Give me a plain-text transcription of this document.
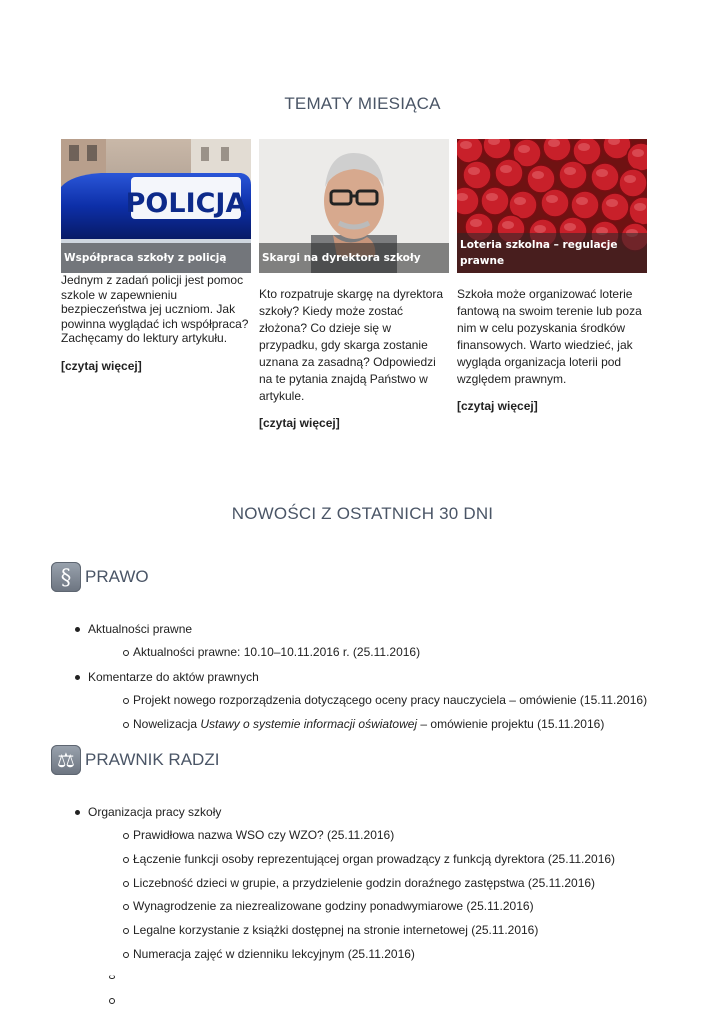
TEMATY MIESIĄCA
POLICJA
Współpraca szkoły z policją
Jednym z zadań policji jest pomoc szkole w zapewnieniu bezpieczeństwa jej uczniom. Jak powinna wyglądać ich współpraca? Zachęcamy do lektury artykułu.
[czytaj więcej]
Skargi na dyrektora szkoły
Kto rozpatruje skargę na dyrektora szkoły? Kiedy może zostać złożona? Co dzieje się w przypadku, gdy skarga zostanie uznana za zasadną? Odpowiedzi na te pytania znajdą Państwo w artykule.
[czytaj więcej]
Loteria szkolna – regulacje prawne
Szkoła może organizować loterie fantową na swoim terenie lub poza nim w celu pozyskania środków finansowych. Warto wiedzieć, jak wygląda organizacja loterii pod względem prawnym.
[czytaj więcej]
NOWOŚCI Z OSTATNICH 30 DNI
§ PRAWO
Aktualności prawne
Aktualności prawne: 10.10–10.11.2016 r. (25.11.2016)
Komentarze do aktów prawnych
Projekt nowego rozporządzenia dotyczącego oceny pracy nauczyciela – omówienie (15.11.2016)
Nowelizacja Ustawy o systemie informacji oświatowej – omówienie projektu (15.11.2016)
⚖ PRAWNIK RADZI
Organizacja pracy szkoły
Prawidłowa nazwa WSO czy WZO? (25.11.2016)
Łączenie funkcji osoby reprezentującej organ prowadzący z funkcją dyrektora (25.11.2016)
Liczebność dzieci w grupie, a przydzielenie godzin doraźnego zastępstwa (25.11.2016)
Wynagrodzenie za niezrealizowane godziny ponadwymiarowe (25.11.2016)
Legalne korzystanie z książki dostępnej na stronie internetowej (25.11.2016)
Numeracja zajęć w dzienniku lekcyjnym (25.11.2016)
